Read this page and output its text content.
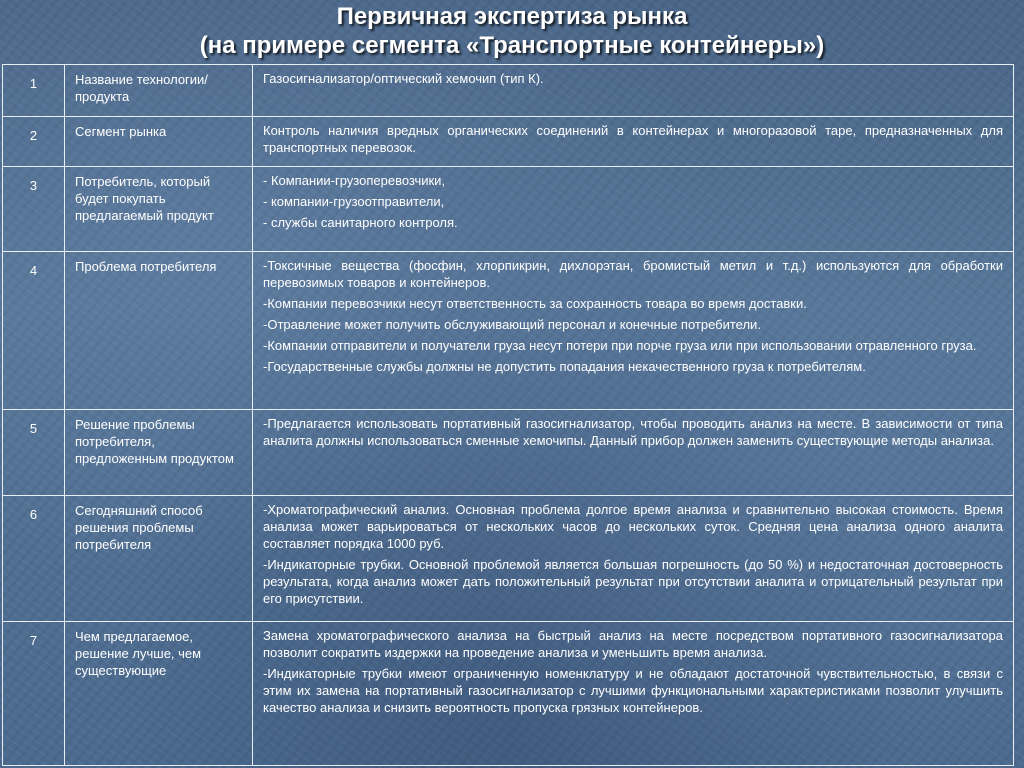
Первичная экспертиза рынка
(на примере сегмента «Транспортные контейнеры»)
1	Название технологии/продукта	Газосигнализатор/оптический хемочип (тип К).

2	Сегмент рынка	Контроль наличия вредных органических соединений в контейнерах и многоразовой таре, предназначенных для транспортных перевозок.

3	Потребитель, который будет покупать предлагаемый продукт	- Компании-грузоперевозчики,

- компании-грузоотправители,

- службы санитарного контроля.

4	Проблема потребителя	-Токсичные вещества (фосфин, хлорпикрин, дихлорэтан, бромистый метил и т.д.) используются для обработки перевозимых товаров и контейнеров.

-Компании перевозчики несут ответственность за сохранность товара во время доставки.

-Отравление может получить обслуживающий персонал и конечные потребители.

-Компании отправители и получатели груза несут потери при порче груза или при использовании отравленного груза.

-Государственные службы должны не допустить попадания некачественного груза к потребителям.

5	Решение проблемы потребителя, предложенным продуктом	-Предлагается использовать портативный газосигнализатор, чтобы проводить анализ на месте. В зависимости от типа аналита должны использоваться сменные хемочипы. Данный прибор должен заменить существующие методы анализа.

6	Сегодняшний способ решения проблемы потребителя	-Хроматографический анализ. Основная проблема долгое время анализа и сравнительно высокая стоимость. Время анализа может варьироваться от нескольких часов до нескольких суток. Средняя цена анализа одного аналита составляет порядка 1000 руб.

-Индикаторные трубки. Основной проблемой является большая погрешность (до 50 %) и недостаточная достоверность результата, когда анализ может дать положительный результат при отсутствии аналита и отрицательный результат при его присутствии.

7	Чем предлагаемое, решение лучше, чем существующие	Замена хроматографического анализа на быстрый анализ на месте посредством портативного газосигнализатора позволит сократить издержки на проведение анализа и уменьшить время анализа.

-Индикаторные трубки имеют ограниченную номенклатуру и не обладают достаточной чувствительностью, в связи с этим их замена на портативный газосигнализатор с лучшими функциональными характеристиками позволит улучшить качество анализа и снизить вероятность пропуска грязных контейнеров.
